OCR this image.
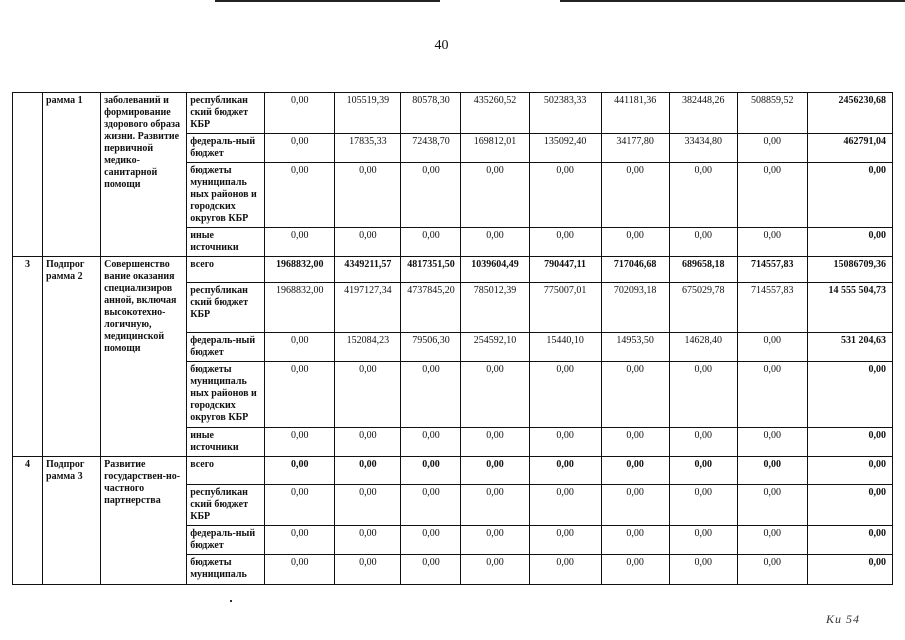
40
	рамма 1	заболеваний и формирование здорового образа жизни. Развитие первичной медико-санитарной помощи	республикан ский бюджет КБР	0,00	105519,39	80578,30	435260,52	502383,33	441181,36	382448,26	508859,52	2456230,68
			федераль-ный бюджет	0,00	17835,33	72438,70	169812,01	135092,40	34177,80	33434,80	0,00	462791,04
			бюджеты муниципаль ных районов и городских округов КБР	0,00	0,00	0,00	0,00	0,00	0,00	0,00	0,00	0,00
			иные источники	0,00	0,00	0,00	0,00	0,00	0,00	0,00	0,00	0,00
3	Подпрог рамма 2	Совершенство вание оказания специализиров анной, включая высокотехно-логичную, медицинской помощи	всего	1968832,00	4349211,57	4817351,50	1039604,49	790447,11	717046,68	689658,18	714557,83	15086709,36
			республикан ский бюджет КБР	1968832,00	4197127,34	4737845,20	785012,39	775007,01	702093,18	675029,78	714557,83	14 555 504,73
			федераль-ный бюджет	0,00	152084,23	79506,30	254592,10	15440,10	14953,50	14628,40	0,00	531 204,63
			бюджеты муниципаль ных районов и городских округов КБР	0,00	0,00	0,00	0,00	0,00	0,00	0,00	0,00	0,00
			иные источники	0,00	0,00	0,00	0,00	0,00	0,00	0,00	0,00	0,00
4	Подпрог рамма 3	Развитие государствен-но-частного партнерства	всего	0,00	0,00	0,00	0,00	0,00	0,00	0,00	0,00	0,00
			республикан ский бюджет КБР	0,00	0,00	0,00	0,00	0,00	0,00	0,00	0,00	0,00
			федераль-ный бюджет	0,00	0,00	0,00	0,00	0,00	0,00	0,00	0,00	0,00
			бюджеты муниципаль	0,00	0,00	0,00	0,00	0,00	0,00	0,00	0,00	0,00
Ku 54
